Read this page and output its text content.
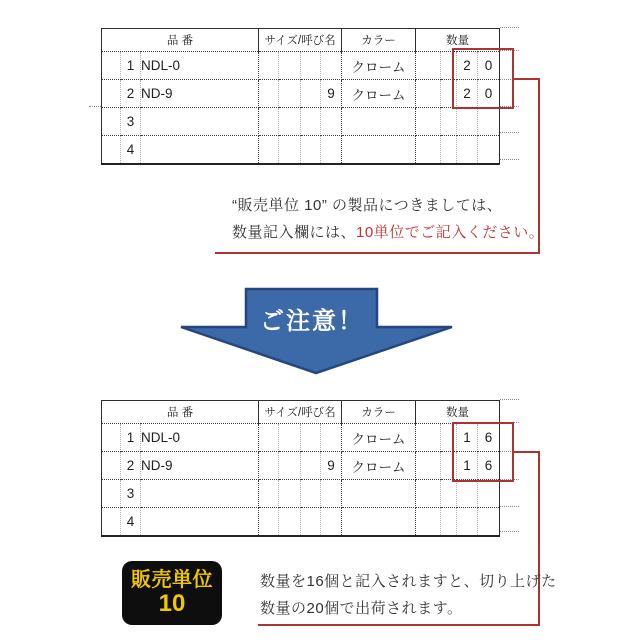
品 番			サイズ/呼び名				カラー	数量			
	1	NDL-0					クローム			2	0
	2	ND-9				9	クローム			2	0
	3										
	4										
“販売単位 10” の製品につきましては、
数量記入欄には、10単位でご記入ください。
ご注意！
品 番			サイズ/呼び名				カラー	数量			
	1	NDL-0					クローム			1	6
	2	ND-9				9	クローム			1	6
	3										
	4										
販売単位
10
数量を16個と記入されますと、切り上げた
数量の20個で出荷されます。
